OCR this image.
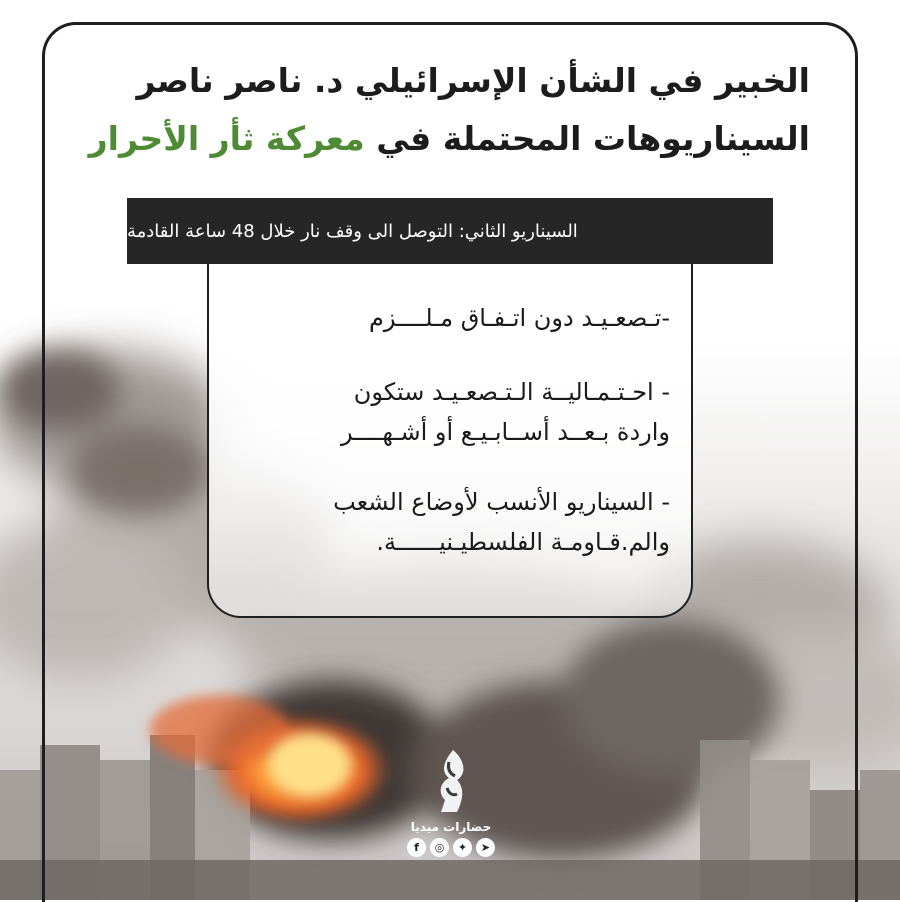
الخبير في الشأن الإسرائيلي د. ناصر ناصر
السيناريوهات المحتملة في معركة ثأر الأحرار
السيناريو الثاني: التوصل الى وقف نار خلال 48 ساعة القادمة
-تـصعـيـد دون اتـفـاق مـلــــزم
- احـتـمـاليــة الـتـصعـيـد ستكون
واردة بـعــد أســابـيـع أو أشـهــــر
- السيناريو الأنسب لأوضاع الشعب
والم.قـاومـة الفلسطيـنيــــــة.
حضارات ميديا
f	◎	✦	➤
